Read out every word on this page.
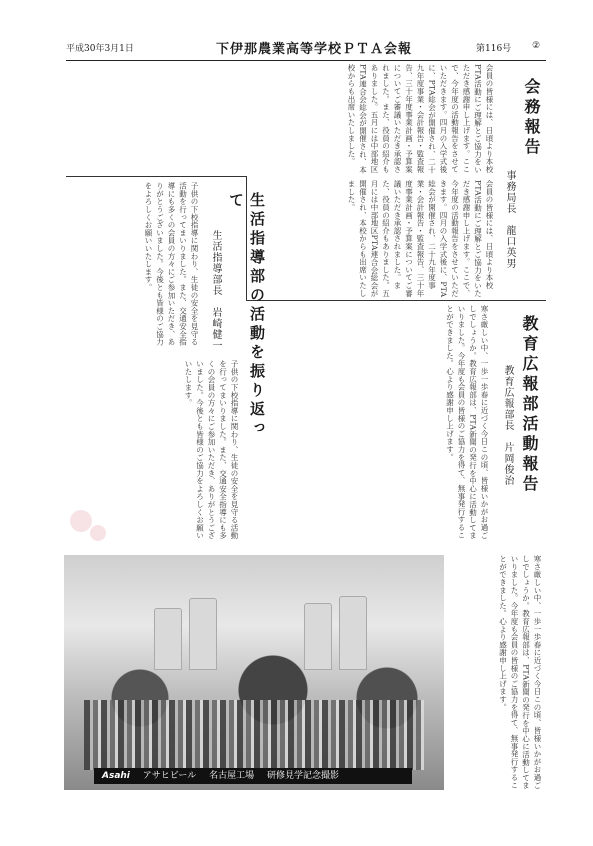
平成30年3月1日	下伊那農業高等学校ＰＴＡ会報	第116号 ②
会務報告
事務局長　龍口英男
会員の皆様には、日頃より本校PTA活動にご理解とご協力をいただき感謝申し上げます。ここで、今年度の活動報告をさせていただきます。四月の入学式後に、PTA総会が開催され、二十九年度事業・会計報告・監査報告、三十年度事業計画・予算案についてご審議いただき承認されました。また、役員の紹介もありました。五月には中部地区PTA連合会総会が開催され、本校からも出席いたしました。
会員の皆様には、日頃より本校PTA活動にご理解とご協力をいただき感謝申し上げます。ここで、今年度の活動報告をさせていただきます。四月の入学式後に、PTA総会が開催され、二十九年度事業・会計報告・監査報告、三十年度事業計画・予算案についてご審議いただき承認されました。また、役員の紹介もありました。五月には中部地区PTA連合会総会が開催され、本校からも出席いたしました。
教育広報部活動報告
教育広報部長　片岡俊治
寒さ厳しい中、一歩一歩春に近づく今日この頃、皆様いかがお過ごしでしょうか。教育広報部は、PTA新聞の発行を中心に活動してまいりました。今年度も会員の皆様のご協力を得て、無事発行することができました。心より感謝申し上げます。
生活指導部の活動を振り返って
生活指導部長　岩崎健一
子供の下校指導に関わり、生徒の安全を見守る活動を行ってまいりました。また、交通安全指導にも多くの会員の方々にご参加いただき、ありがとうございました。今後とも皆様のご協力をよろしくお願いいたします。
子供の下校指導に関わり、生徒の安全を見守る活動を行ってまいりました。また、交通安全指導にも多くの会員の方々にご参加いただき、ありがとうございました。今後とも皆様のご協力をよろしくお願いいたします。
寒さ厳しい中、一歩一歩春に近づく今日この頃、皆様いかがお過ごしでしょうか。教育広報部は、PTA新聞の発行を中心に活動してまいりました。今年度も会員の皆様のご協力を得て、無事発行することができました。心より感謝申し上げます。
Asahi アサヒビール 名古屋工場 研修見学記念撮影
